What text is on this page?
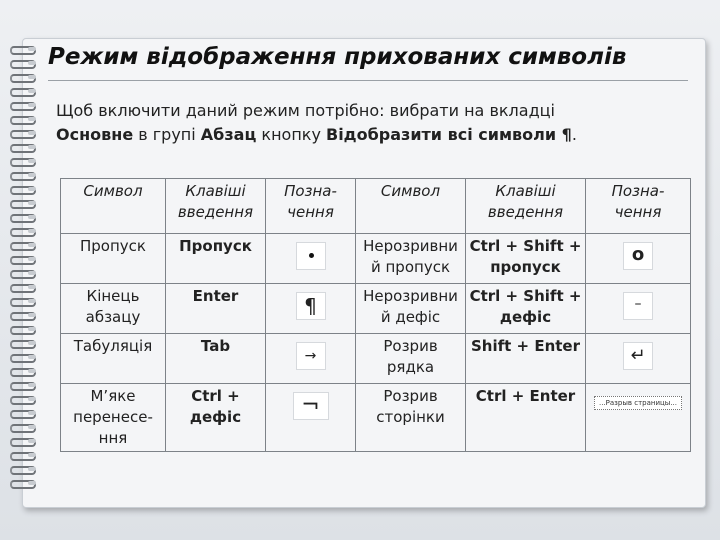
Режим відображення прихованих символів

Щоб включити даний режим потрібно: вибрати на вкладці
Основне в групі Абзац кнопку Відобразити всі символи ¶.

Символ	Клавіші введення	Позна-чення	Символ	Клавіші введення	Позна-чення
Пропуск	Пропуск		Нерозривни й пропуск	Ctrl + Shift + пропуск	o
Кінець абзацу	Enter	¶	Нерозривни й дефіс	Ctrl + Shift + дефіс	–
Табуляція	Tab	→	Розрив рядка	Shift + Enter	↵
М’яке перенесе-ння	Ctrl + дефіс	¬	Розрив сторінки	Ctrl + Enter	...Разрыв страницы...
